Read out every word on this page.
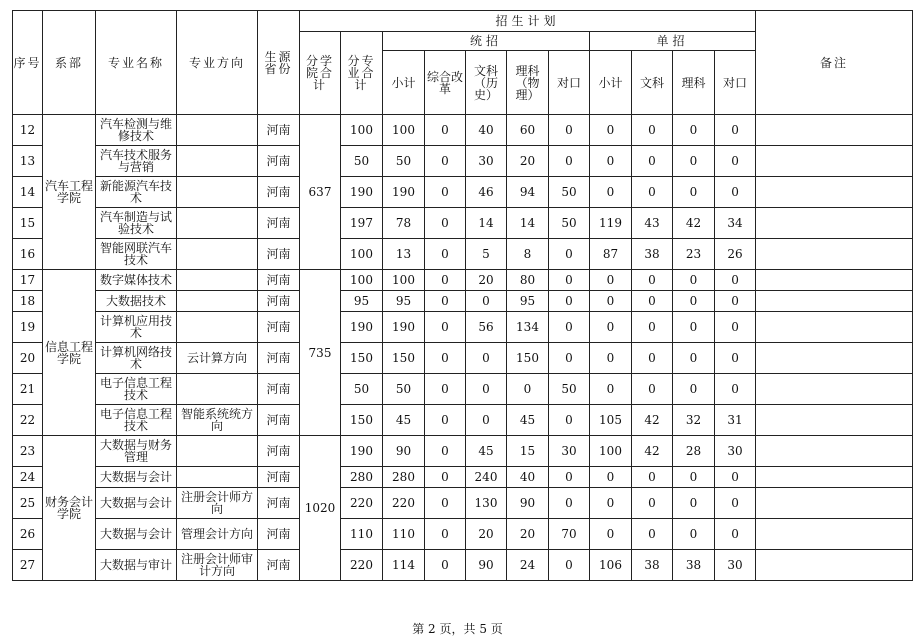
序号	系部	专业名称	专业方向	生源省份	招生计划											备注
					分学院合计	分专业合计	统招					单招				
							小计	综合改革	文科（历史）	理科（物理）	对口	小计	文科	理科	对口	
12	汽车工程学院	汽车检测与维修技术		河南	637	100	100	0	40	60	0	0	0	0	0	
13		汽车技术服务与营销		河南		50	50	0	30	20	0	0	0	0	0	
14		新能源汽车技术		河南		190	190	0	46	94	50	0	0	0	0	
15		汽车制造与试验技术		河南		197	78	0	14	14	50	119	43	42	34	
16		智能网联汽车技术		河南		100	13	0	5	8	0	87	38	23	26	
17	信息工程学院	数字媒体技术		河南	735	100	100	0	20	80	0	0	0	0	0	
18		大数据技术		河南		95	95	0	0	95	0	0	0	0	0	
19		计算机应用技术		河南		190	190	0	56	134	0	0	0	0	0	
20		计算机网络技术	云计算方向	河南		150	150	0	0	150	0	0	0	0	0	
21		电子信息工程技术		河南		50	50	0	0	0	50	0	0	0	0	
22		电子信息工程技术	智能系统统方向	河南		150	45	0	0	45	0	105	42	32	31	
23	财务会计学院	大数据与财务管理		河南	1020	190	90	0	45	15	30	100	42	28	30	
24		大数据与会计		河南		280	280	0	240	40	0	0	0	0	0	
25		大数据与会计	注册会计师方向	河南		220	220	0	130	90	0	0	0	0	0	
26		大数据与会计	管理会计方向	河南		110	110	0	20	20	70	0	0	0	0	
27		大数据与审计	注册会计师审计方向	河南		220	114	0	90	24	0	106	38	38	30	
第 2 页，共 5 页
